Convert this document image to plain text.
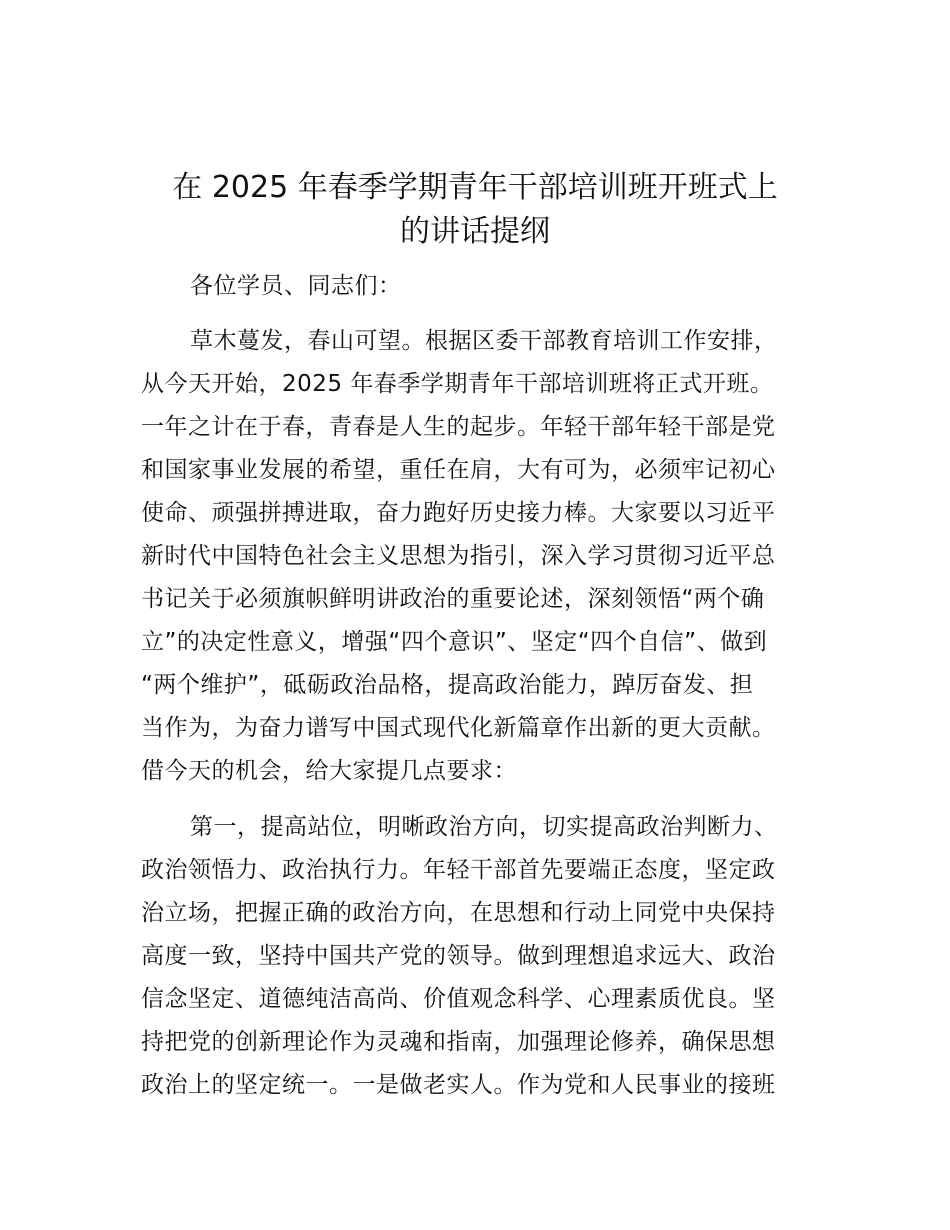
在 2025 年春季学期青年干部培训班开班式上
的讲话提纲
各位学员、同志们：
草木蔓发，春山可望。根据区委干部教育培训工作安排，
从今天开始，2025 年春季学期青年干部培训班将正式开班。
一年之计在于春，青春是人生的起步。年轻干部年轻干部是党
和国家事业发展的希望，重任在肩，大有可为，必须牢记初心
使命、顽强拼搏进取，奋力跑好历史接力棒。大家要以习近平
新时代中国特色社会主义思想为指引，深入学习贯彻习近平总
书记关于必须旗帜鲜明讲政治的重要论述，深刻领悟“两个确
立”的决定性意义，增强“四个意识”、坚定“四个自信”、做到
“两个维护”，砥砺政治品格，提高政治能力，踔厉奋发、担
当作为，为奋力谱写中国式现代化新篇章作出新的更大贡献。
借今天的机会，给大家提几点要求：
第一，提高站位，明晰政治方向，切实提高政治判断力、
政治领悟力、政治执行力。年轻干部首先要端正态度，坚定政
治立场，把握正确的政治方向，在思想和行动上同党中央保持
高度一致，坚持中国共产党的领导。做到理想追求远大、政治
信念坚定、道德纯洁高尚、价值观念科学、心理素质优良。坚
持把党的创新理论作为灵魂和指南，加强理论修养，确保思想
政治上的坚定统一。一是做老实人。作为党和人民事业的接班
